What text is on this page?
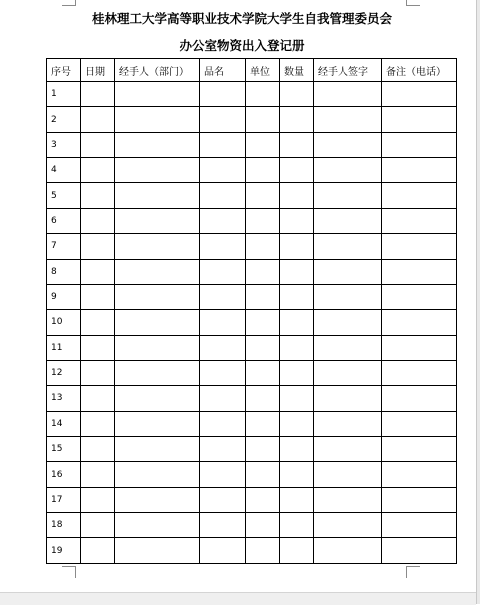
桂林理工大学高等职业技术学院大学生自我管理委员会
办公室物资出入登记册
序号	日期	经手人（部门）	品名	单位	数量	经手人签字	备注（电话）
1							
2							
3							
4							
5							
6							
7							
8							
9							
10							
11							
12							
13							
14							
15							
16							
17							
18							
19							
